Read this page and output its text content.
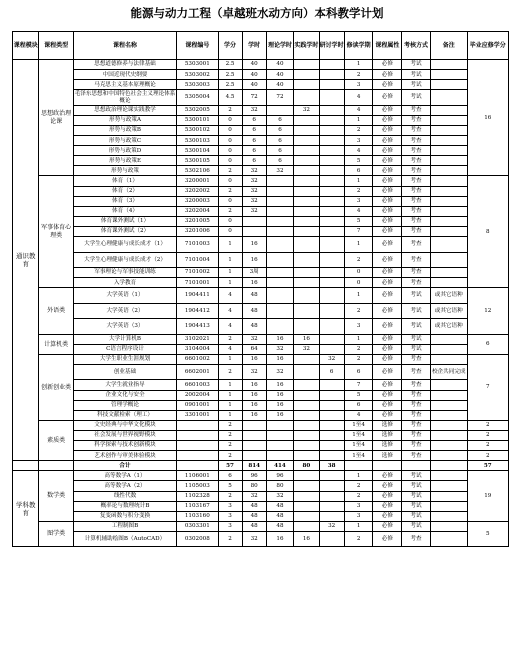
能源与动力工程（卓越班水动方向）本科教学计划
课程模块	课程类型	课程名称	课程编号	学分	学时	理论学时	实践学时	研讨学时	修读学期	课程属性	考核方式	备注	毕业应修学分
通识教育	思想政治理论课	思想道德修养与法律基础	5303001	2.5	40	40			1	必修	考试		16
		中国近现代史纲要	5303002	2.5	40	40			2	必修	考试		
		马克思主义基本原理概论	5303003	2.5	40	40			3	必修	考试		
		毛泽东思想和中国特色社会主义理论体系概论	5305004	4.5	72	72			4	必修	考试		
		思想政治理论课实践教学	5302005	2	32		32		4	必修	考查		
		形势与政策A	5300101	0	6	6			1	必修	考查		
		形势与政策B	5300102	0	6	6			2	必修	考查		
		形势与政策C	5300103	0	6	6			3	必修	考查		
		形势与政策D	5300104	0	6	6			4	必修	考查		
		形势与政策E	5300105	0	6	6			5	必修	考查		
		形势与政策	5302106	2	32	32			6	必修	考查		
	军事体育心理类	体育（1）	3200001	0	32				1	必修	考查		8
		体育（2）	3202002	2	32				2	必修	考查		
		体育（3）	3200003	0	32				3	必修	考查		
		体育（4）	3202004	2	32				4	必修	考查		
		体育课外测试（1）	3201005	0					5	必修	考查		
		体育课外测试（2）	3201006	0					7	必修	考查		
		大学生心理健康与成长成才（1）	7101003	1	16				1	必修	考查		
		大学生心理健康与成长成才（2）	7101004	1	16				2	必修	考查		
		军事理论与军事技能训练	7101002	1	3周				0	必修	考查		
		入学教育	7101001	1	16				0	必修	考查		
	外语类	大学英语（1）	1904411	4	48				1	必修	考试	或其它语种	12
		大学英语（2）	1904412	4	48				2	必修	考试	或其它语种	
		大学英语（3）	1904413	4	48				3	必修	考试	或其它语种	
	计算机类	大学计算机B	3102021	2	32	16	16		1	必修	考试		6
		C语言程序设计	3104004	4	64	32	32		2	必修	考试		
	创新创业类	大学生职业生涯规划	6601002	1	16	16		32	2	必修	考查		7
		创业基础	6602001	2	32	32		6	6	必修	考查	校企共同完成	
		大学生就业指导	6601003	1	16	16			7	必修	考查		
		企业文化与安全	2002004	1	16	16			5	必修	考查		
		管理学概论	0901001	1	16	16			6	必修	考查		
		科技文献检索（理工）	3301001	1	16	16			4	必修	考查		
	素质类	文史经典与中华文化模块		2					1至4	选修	考查		2
		社会发展与世界视野模块		2					1至4	选修	考查		2
		科学探索与技术创新模块		2					1至4	选修	考查		2
		艺术创作与审美体验模块		2					1至4	选修	考查		2
		合计		57	814	414	80	38					57
学科教育	数学类	高等数学A（1）	1106001	6	96	96			1	必修	考试		19
		高等数学A（2）	1105003	5	80	80			2	必修	考试		
		线性代数	1102328	2	32	32			2	必修	考试		
		概率论与数理统计B	1103167	3	48	48			3	必修	考试		
		复变函数与积分变换	1103160	3	48	48			3	必修	考试		
	图学类	工程制图B	0303301	3	48	48		32	1	必修	考试		5
		计算机辅助绘图B（AutoCAD）	0302008	2	32	16	16		2	必修	考查		
